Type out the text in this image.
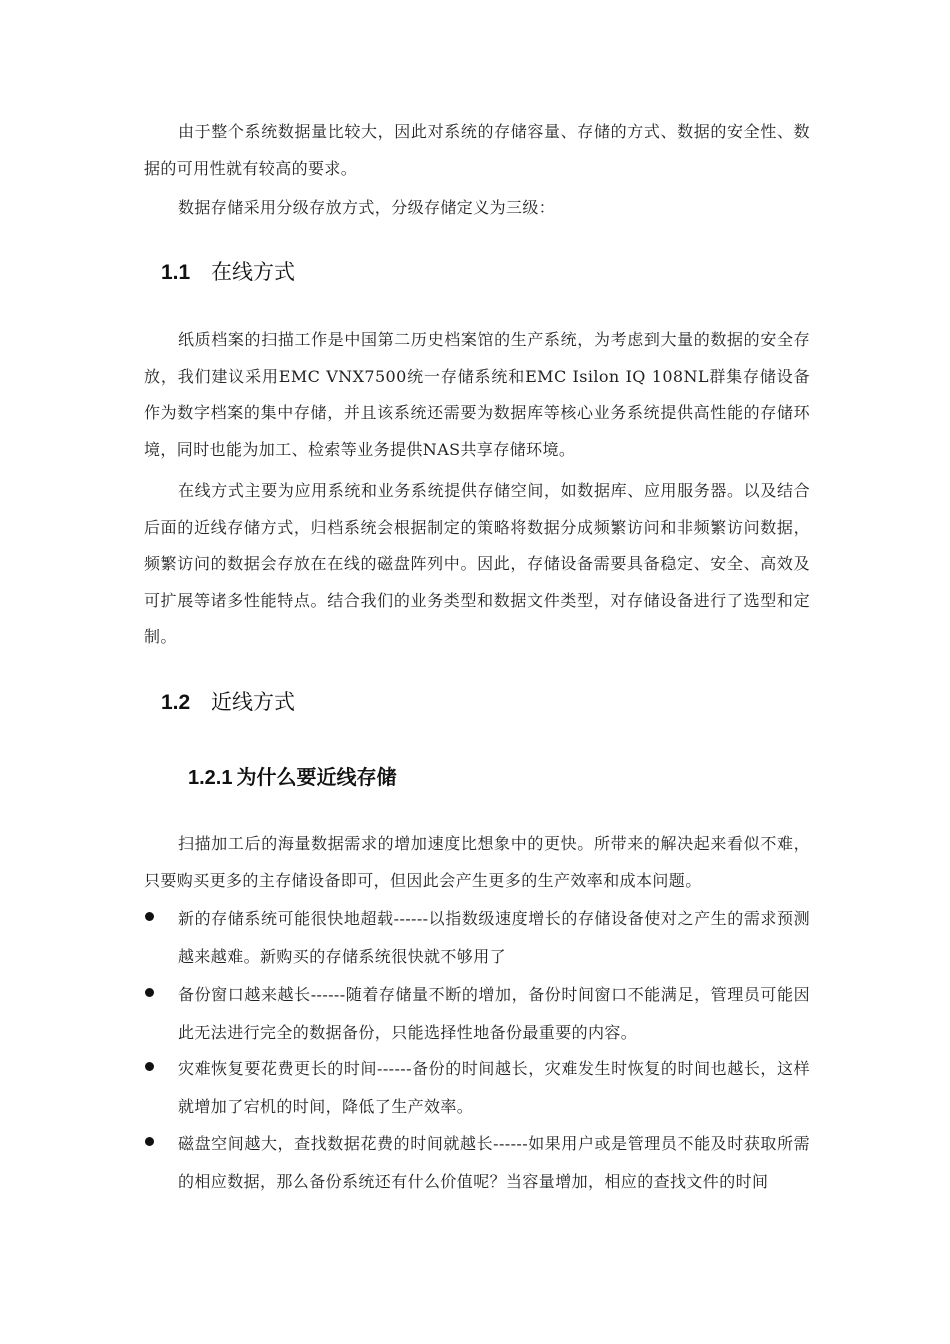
由于整个系统数据量比较大，因此对系统的存储容量、存储的方式、数据的安全性、数据的可用性就有较高的要求。

数据存储采用分级存放方式，分级存储定义为三级：

1.1 在线方式

纸质档案的扫描工作是中国第二历史档案馆的生产系统，为考虑到大量的数据的安全存放，我们建议采用EMC VNX7500统一存储系统和EMC Isilon IQ 108NL群集存储设备作为数字档案的集中存储，并且该系统还需要为数据库等核心业务系统提供高性能的存储环境，同时也能为加工、检索等业务提供NAS共享存储环境。

在线方式主要为应用系统和业务系统提供存储空间，如数据库、应用服务器。以及结合后面的近线存储方式，归档系统会根据制定的策略将数据分成频繁访问和非频繁访问数据，频繁访问的数据会存放在在线的磁盘阵列中。因此，存储设备需要具备稳定、安全、高效及可扩展等诸多性能特点。结合我们的业务类型和数据文件类型，对存储设备进行了选型和定制。

1.2 近线方式
1.2.1 为什么要近线存储

扫描加工后的海量数据需求的增加速度比想象中的更快。所带来的解决起来看似不难，只要购买更多的主存储设备即可，但因此会产生更多的生产效率和成本问题。

新的存储系统可能很快地超载------以指数级速度增长的存储设备使对之产生的需求预测越来越难。新购买的存储系统很快就不够用了

备份窗口越来越长------随着存储量不断的增加，备份时间窗口不能满足，管理员可能因此无法进行完全的数据备份，只能选择性地备份最重要的内容。

灾难恢复要花费更长的时间------备份的时间越长，灾难发生时恢复的时间也越长，这样就增加了宕机的时间，降低了生产效率。

磁盘空间越大，查找数据花费的时间就越长------如果用户或是管理员不能及时获取所需的相应数据，那么备份系统还有什么价值呢？当容量增加，相应的查找文件的时间
